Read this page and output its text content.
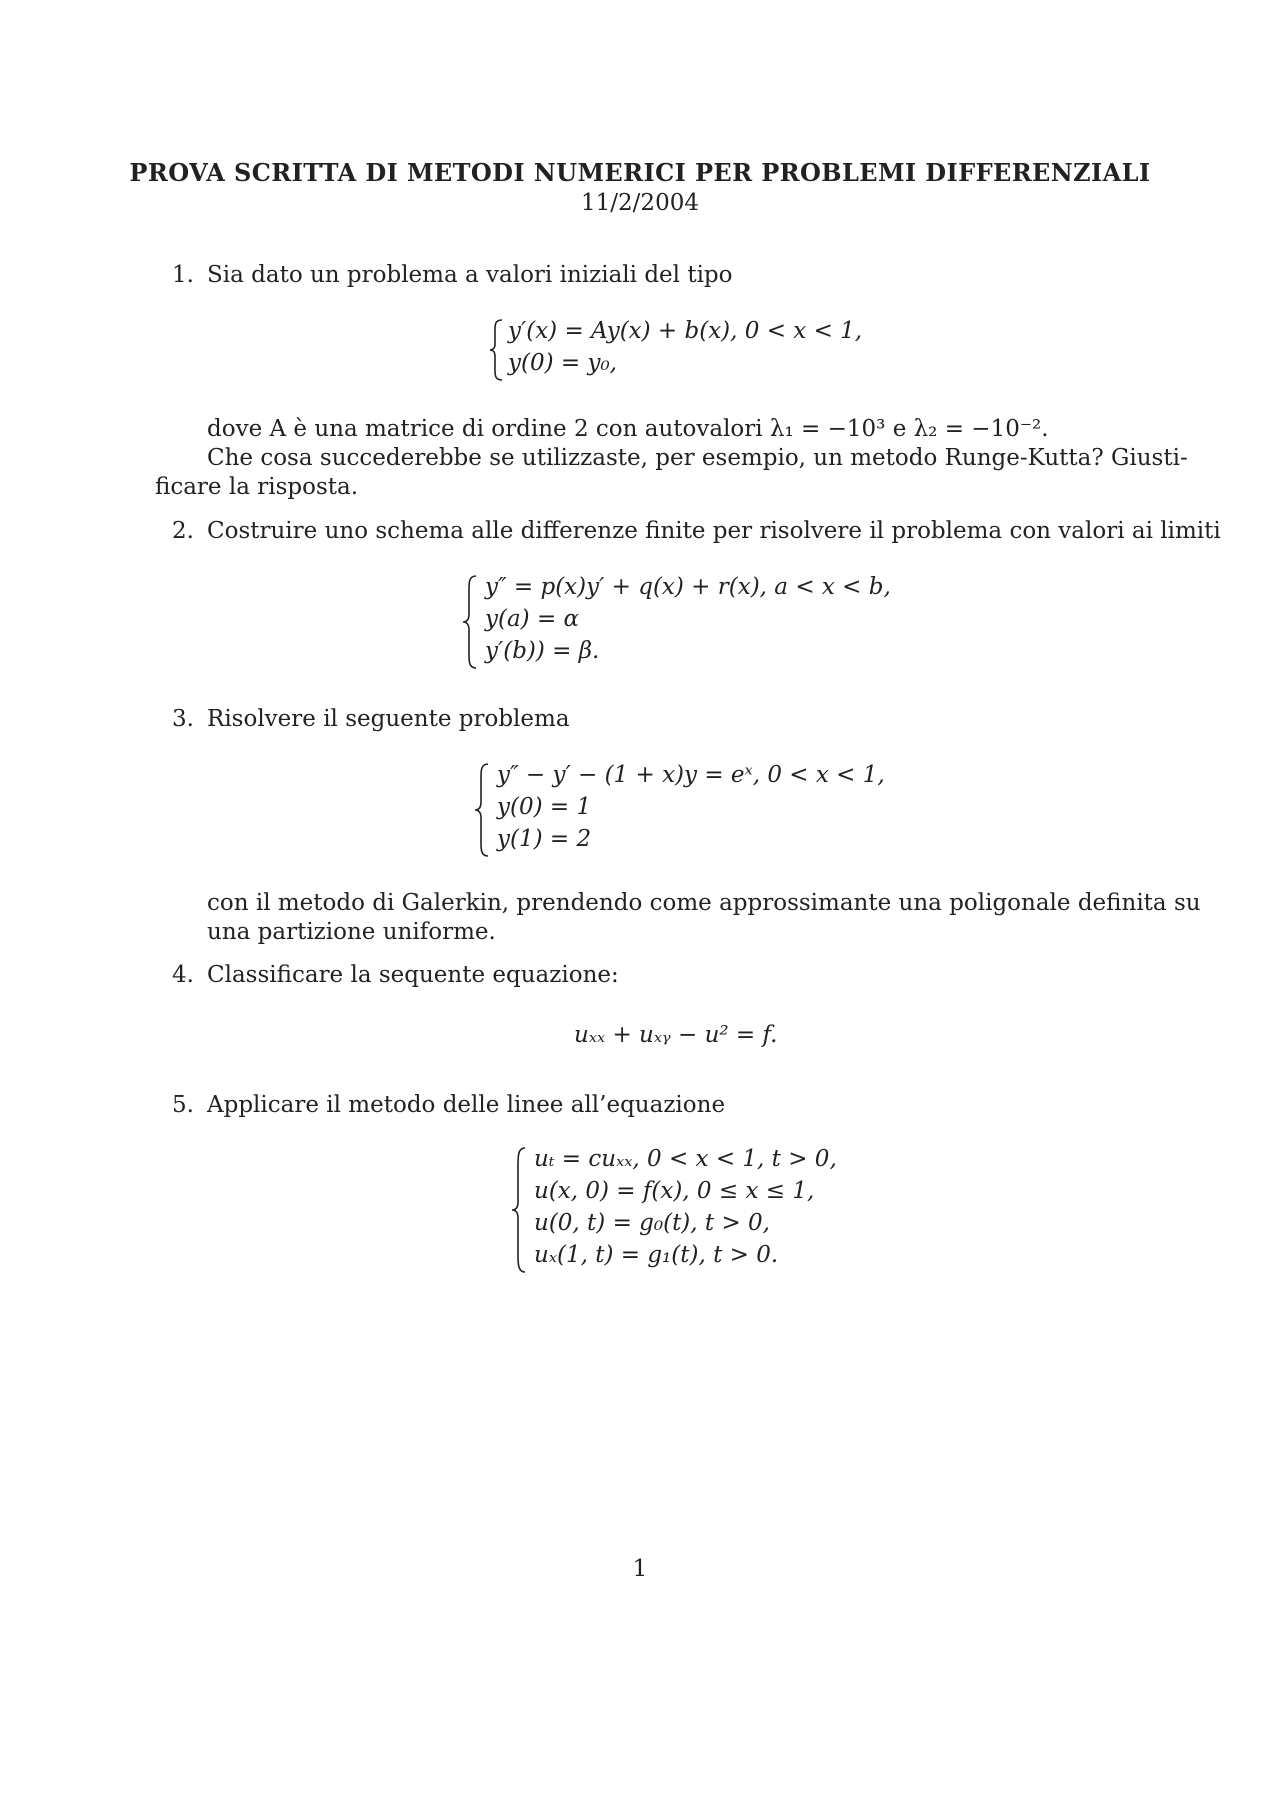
PROVA SCRITTA DI METODI NUMERICI PER PROBLEMI DIFFERENZIALI
11/2/2004
1. Sia dato un problema a valori iniziali del tipo
y′(x) = Ay(x) + b(x), 0 < x < 1,
y(0) = y₀,
dove A è una matrice di ordine 2 con autovalori λ₁ = −10³ e λ₂ = −10⁻².
Che cosa succederebbe se utilizzaste, per esempio, un metodo Runge-Kutta? Giusti-
ficare la risposta.
2. Costruire uno schema alle differenze finite per risolvere il problema con valori ai limiti
y″ = p(x)y′ + q(x) + r(x), a < x < b,
y(a) = α
y′(b)) = β.
3. Risolvere il seguente problema
y″ − y′ − (1 + x)y = eˣ, 0 < x < 1,
y(0) = 1
y(1) = 2
con il metodo di Galerkin, prendendo come approssimante una poligonale definita su
una partizione uniforme.
4. Classificare la sequente equazione:
uₓₓ + uₓᵧ − u² = f.
5. Applicare il metodo delle linee all’equazione
uₜ = cuₓₓ, 0 < x < 1, t > 0,
u(x, 0) = f(x), 0 ≤ x ≤ 1,
u(0, t) = g₀(t), t > 0,
uₓ(1, t) = g₁(t), t > 0.
1
